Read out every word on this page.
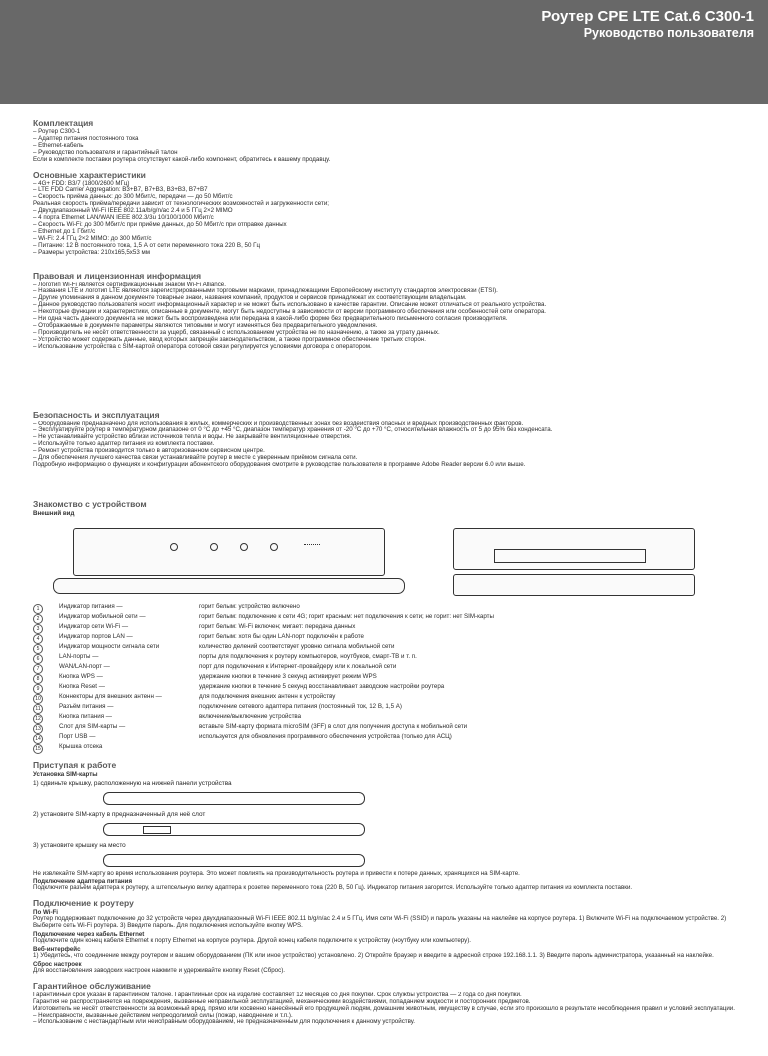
Роутер CPE LTE Cat.6 C300-1
Руководство пользователя
Комплектация
– Роутер C300-1
– Адаптер питания постоянного тока
– Ethernet-кабель
– Руководство пользователя и гарантийный талон
Если в комплекте поставки роутера отсутствует какой-либо компонент, обратитесь к вашему продавцу.
Основные характеристики
– 4G+ FDD: B3/7 (1800/2600 МГц)
– LTE FDD Carrier Aggregation: B3+B7, B7+B3, B3+B3, B7+B7
– Скорость приёма данных: до 300 Мбит/с, передачи — до 50 Мбит/с
Реальная скорость приёма/передачи зависит от технологических возможностей и загруженности сети;
– Двухдиапазонный Wi-Fi IEEE 802.11a/b/g/n/ac 2.4 и 5 ГГц 2×2 MIMO
– 4 порта Ethernet LAN/WAN IEEE 802.3/3u 10/100/1000 Мбит/с
– Скорость Wi-Fi: до 300 Мбит/с при приёме данных, до 50 Мбит/с при отправке данных
– Ethernet до 1 Гбит/с
– Wi-Fi: 2.4 ГГц 2×2 MIMO: до 300 Мбит/с
– Питание: 12 В постоянного тока, 1,5 А от сети переменного тока 220 В, 50 Гц
– Размеры устройства: 210х165,5х53 мм
Правовая и лицензионная информация
– Логотип Wi-Fi является сертификационным знаком Wi-Fi Alliance.
– Названия LTE и логотип LTE являются зарегистрированными торговыми марками, принадлежащими Европейскому институту стандартов электросвязи (ETSI).
– Другие упоминания в данном документе товарные знаки, названия компаний, продуктов и сервисов принадлежат их соответствующим владельцам.
– Данное руководство пользователя носит информационный характер и не может быть использовано в качестве гарантии. Описание может отличаться от реального устройства.
– Некоторые функции и характеристики, описанные в документе, могут быть недоступны в зависимости от версии программного обеспечения или особенностей сети оператора.
– Ни одна часть данного документа не может быть воспроизведена или передана в какой-либо форме без предварительного письменного согласия производителя.
– Отображаемые в документе параметры являются типовыми и могут изменяться без предварительного уведомления.
– Производитель не несёт ответственности за ущерб, связанный с использованием устройства не по назначению, а также за утрату данных.
– Устройство может содержать данные, ввод которых запрещён законодательством, а также программное обеспечение третьих сторон.
– Использование устройства с SIM-картой оператора сотовой связи регулируется условиями договора с оператором.
Безопасность и эксплуатация
– Оборудование предназначено для использования в жилых, коммерческих и производственных зонах без воздействия опасных и вредных производственных факторов.
– Эксплуатируйте роутер в температурном диапазоне от 0 °C до +45 °C, диапазон температур хранения от -20 °C до +70 °C, относительная влажность от 5 до 95% без конденсата.
– Не устанавливайте устройство вблизи источников тепла и воды. Не закрывайте вентиляционные отверстия.
– Используйте только адаптер питания из комплекта поставки.
– Ремонт устройства производится только в авторизованном сервисном центре.
– Для обеспечения лучшего качества связи устанавливайте роутер в месте с уверенным приёмом сигнала сети.
Подробную информацию о функциях и конфигурации абонентского оборудования смотрите в руководстве пользователя в программе Adobe Reader версии 6.0 или выше.
Знакомство с устройством
Внешний вид
1	Индикатор питания —	горит белым: устройство включено
2	Индикатор мобильной сети —	горит белым: подключение к сети 4G; горит красным: нет подключения к сети; не горит: нет SIM-карты
3	Индикатор сети Wi-Fi —	горит белым: Wi-Fi включен; мигает: передача данных
4	Индикатор портов LAN —	горит белым: хотя бы один LAN-порт подключён к работе
5	Индикатор мощности сигнала сети	количество делений соответствует уровню сигнала мобильной сети
6	LAN-порты —	порты для подключения к роутеру компьютеров, ноутбуков, смарт-ТВ и т. п.
7	WAN/LAN-порт —	порт для подключения к Интернет-провайдеру или к локальной сети
8	Кнопка WPS —	удержание кнопки в течение 3 секунд активирует режим WPS
9	Кнопка Reset —	удержание кнопки в течение 5 секунд восстанавливает заводские настройки роутера
10	Коннекторы для внешних антенн —	для подключения внешних антенн к устройству
11	Разъём питания —	подключение сетевого адаптера питания (постоянный ток, 12 В, 1,5 А)
12	Кнопка питания —	включение/выключение устройства
13	Слот для SIM-карты —	вставьте SIM-карту формата microSIM (3FF) в слот для получения доступа к мобильной сети
14	Порт USB —	используется для обновления программного обеспечения устройства (только для АСЦ)
15	Крышка отсека
Приступая к работе
Установка SIM-карты
1) сдвиньте крышку, расположенную на нижней панели устройства
2) установите SIM-карту в предназначенный для неё слот
3) установите крышку на место
Не извлекайте SIM-карту во время использования роутера. Это может повлиять на производительность роутера и привести к потере данных, хранящихся на SIM-карте.
Подключение адаптера питания
Подключите разъём адаптера к роутеру, а штепсельную вилку адаптера к розетке переменного тока (220 В, 50 Гц). Индикатор питания загорится. Используйте только адаптер питания из комплекта поставки.
Подключение к роутеру
По Wi-Fi
Роутер поддерживает подключение до 32 устройств через двухдиапазонный Wi-Fi IEEE 802.11 b/g/n/ac 2.4 и 5 ГГц. Имя сети Wi-Fi (SSID) и пароль указаны на наклейке на корпусе роутера. 1) Включите Wi-Fi на подключаемом устройстве. 2) Выберите сеть Wi-Fi роутера. 3) Введите пароль. Для подключения используйте кнопку WPS.
Подключение через кабель Ethernet
Подключите один конец кабеля Ethernet к порту Ethernet на корпусе роутера. Другой конец кабеля подключите к устройству (ноутбуку или компьютеру).
Веб-интерфейс
1) Убедитесь, что соединение между роутером и вашим оборудованием (ПК или иное устройство) установлено. 2) Откройте браузер и введите в адресной строке 192.168.1.1. 3) Введите пароль администратора, указанный на наклейке.
Сброс настроек
Для восстановления заводских настроек нажмите и удерживайте кнопку Reset (Сброс).
Гарантийное обслуживание
Гарантийный срок указан в гарантийном талоне. Гарантийный срок на изделие составляет 12 месяцев со дня покупки. Срок службы устройства — 2 года со дня покупки.
Гарантия не распространяется на повреждения, вызванные неправильной эксплуатацией, механическими воздействиями, попаданием жидкости и посторонних предметов.
Изготовитель не несёт ответственности за возможный вред, прямо или косвенно нанесённый его продукцией людям, домашним животным, имуществу в случае, если это произошло в результате несоблюдения правил и условий эксплуатации.
– Неисправности, вызванные действием непреодолимой силы (пожар, наводнение и т.п.).
– Использование с нестандартным или неисправным оборудованием, не предназначенным для подключения к данному устройству.
